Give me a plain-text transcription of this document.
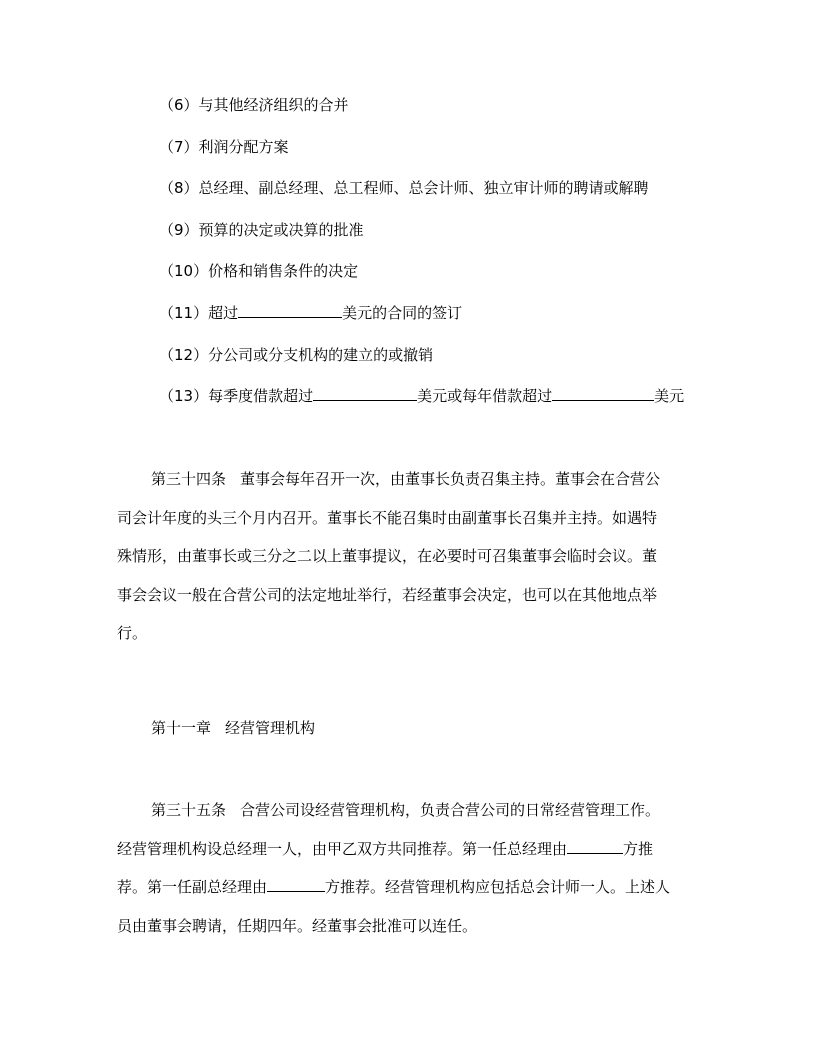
（6）与其他经济组织的合并
（7）利润分配方案
（8）总经理、副总经理、总工程师、总会计师、独立审计师的聘请或解聘
（9）预算的决定或决算的批准
（10）价格和销售条件的决定
（11）超过	美元的合同的签订
（12）分公司或分支机构的建立的或撤销
（13）每季度借款超过	美元或每年借款超过	美元
第三十四条 董事会每年召开一次，由董事长负责召集主持。董事会在合营公
司会计年度的头三个月内召开。董事长不能召集时由副董事长召集并主持。如遇特
殊情形，由董事长或三分之二以上董事提议，在必要时可召集董事会临时会议。董
事会会议一般在合营公司的法定地址举行，若经董事会决定，也可以在其他地点举
行。
第十一章 经营管理机构
第三十五条 合营公司设经营管理机构，负责合营公司的日常经营管理工作。
经营管理机构设总经理一人，由甲乙双方共同推荐。第一任总经理由	方推
荐。第一任副总经理由	方推荐。经营管理机构应包括总会计师一人。上述人
员由董事会聘请，任期四年。经董事会批准可以连任。
